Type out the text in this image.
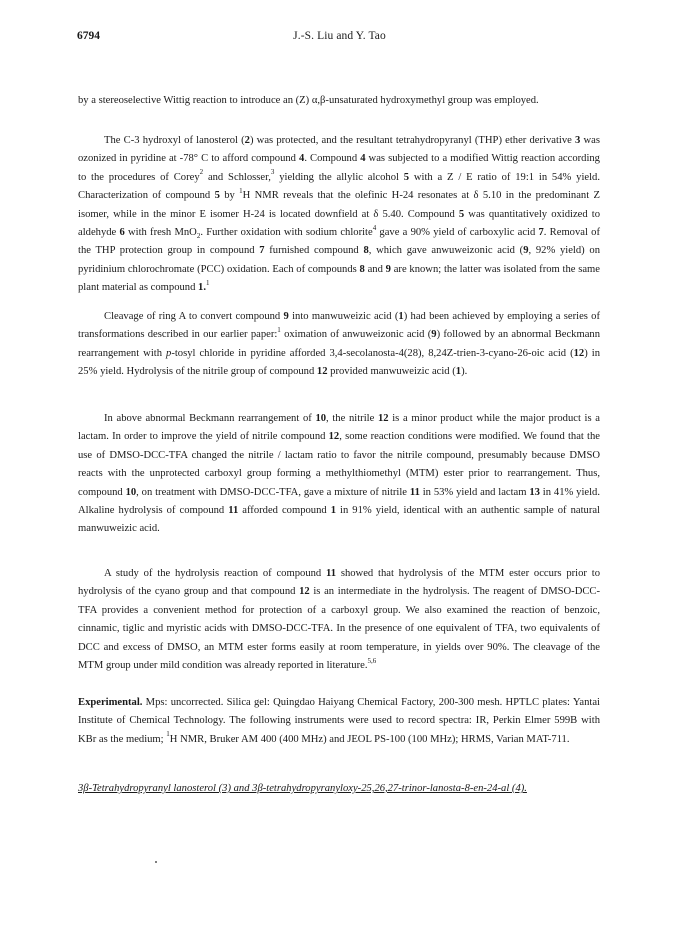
6794	J.-S. Liu and Y. Tao

by a stereoselective Wittig reaction to introduce an (Z) α,β-unsaturated hydroxymethyl group was employed.

The C-3 hydroxyl of lanosterol (2) was protected, and the resultant tetrahydropyranyl (THP) ether derivative 3 was ozonized in pyridine at -78° C to afford compound 4. Compound 4 was subjected to a modified Wittig reaction according to the procedures of Corey$^2$ and Schlosser,$^3$ yielding the allylic alcohol 5 with a Z / E ratio of 19:1 in 54% yield. Characterization of compound 5 by $^1$H NMR reveals that the olefinic H-24 resonates at δ 5.10 in the predominant Z isomer, while in the minor E isomer H-24 is located downfield at δ 5.40. Compound 5 was quantitatively oxidized to aldehyde 6 with fresh MnO$_2$. Further oxidation with sodium chlorite$^4$ gave a 90% yield of carboxylic acid 7. Removal of the THP protection group in compound 7 furnished compound 8, which gave anwuweizonic acid (9, 92% yield) on pyridinium chlorochromate (PCC) oxidation. Each of compounds 8 and 9 are known; the latter was isolated from the same plant material as compound 1.$^1$

Cleavage of ring A to convert compound 9 into manwuweizic acid (1) had been achieved by employing a series of transformations described in our earlier paper:$^1$ oximation of anwuweizonic acid (9) followed by an abnormal Beckmann rearrangement with p-tosyl chloride in pyridine afforded 3,4-secolanosta-4(28), 8,24Z-trien-3-cyano-26-oic acid (12) in 25% yield. Hydrolysis of the nitrile group of compound 12 provided manwuweizic acid (1).

In above abnormal Beckmann rearrangement of 10, the nitrile 12 is a minor product while the major product is a lactam. In order to improve the yield of nitrile compound 12, some reaction conditions were modified. We found that the use of DMSO-DCC-TFA changed the nitrile / lactam ratio to favor the nitrile compound, presumably because DMSO reacts with the unprotected carboxyl group forming a methylthiomethyl (MTM) ester prior to rearrangement. Thus, compound 10, on treatment with DMSO-DCC-TFA, gave a mixture of nitrile 11 in 53% yield and lactam 13 in 41% yield. Alkaline hydrolysis of compound 11 afforded compound 1 in 91% yield, identical with an authentic sample of natural manwuweizic acid.

A study of the hydrolysis reaction of compound 11 showed that hydrolysis of the MTM ester occurs prior to hydrolysis of the cyano group and that compound 12 is an intermediate in the hydrolysis. The reagent of DMSO-DCC-TFA provides a convenient method for protection of a carboxyl group. We also examined the reaction of benzoic, cinnamic, tiglic and myristic acids with DMSO-DCC-TFA. In the presence of one equivalent of TFA, two equivalents of DCC and excess of DMSO, an MTM ester forms easily at room temperature, in yields over 90%. The cleavage of the MTM group under mild condition was already reported in literature.$^{5,6}$

Experimental. Mps: uncorrected. Silica gel: Quingdao Haiyang Chemical Factory, 200-300 mesh. HPTLC plates: Yantai Institute of Chemical Technology. The following instruments were used to record spectra: IR, Perkin Elmer 599B with KBr as the medium; $^1$H NMR, Bruker AM 400 (400 MHz) and JEOL PS-100 (100 MHz); HRMS, Varian MAT-711.

3β-Tetrahydropyranyl lanosterol (3) and 3β-tetrahydropyranyloxy-25,26,27-trinor-lanosta-8-en-24-al (4).
